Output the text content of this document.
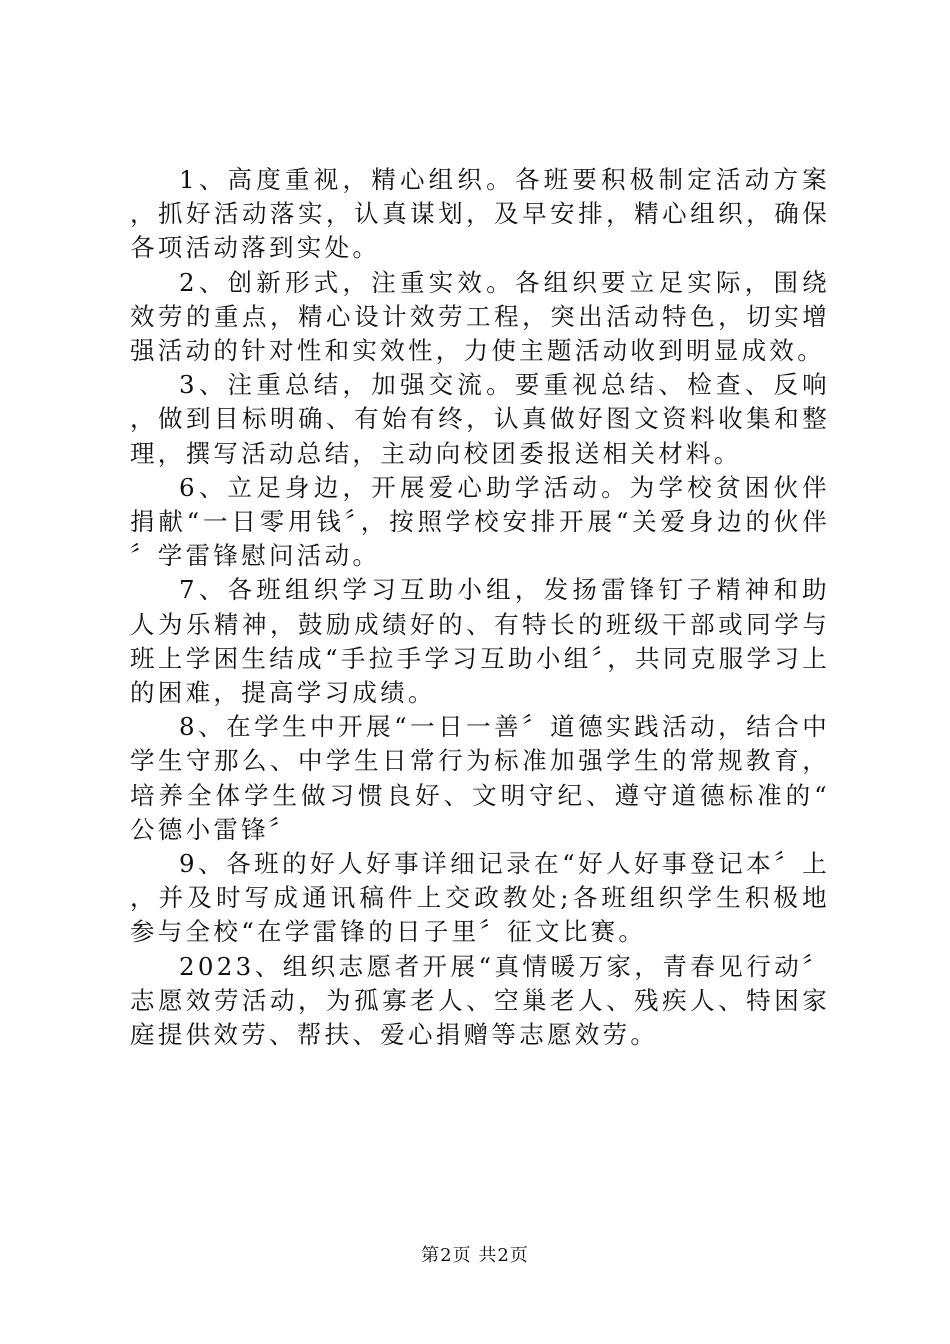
1、高度重视，精心组织。各班要积极制定活动方案，抓好活动落实，认真谋划，及早安排，精心组织，确保各项活动落到实处。

2、创新形式，注重实效。各组织要立足实际，围绕效劳的重点，精心设计效劳工程，突出活动特色，切实增强活动的针对性和实效性，力使主题活动收到明显成效。

3、注重总结，加强交流。要重视总结、检查、反响，做到目标明确、有始有终，认真做好图文资料收集和整理，撰写活动总结，主动向校团委报送相关材料。

6、立足身边，开展爱心助学活动。为学校贫困伙伴捐献“一日零用钱〞，按照学校安排开展“关爱身边的伙伴〞学雷锋慰问活动。

7、各班组织学习互助小组，发扬雷锋钉子精神和助人为乐精神，鼓励成绩好的、有特长的班级干部或同学与班上学困生结成“手拉手学习互助小组〞，共同克服学习上的困难，提高学习成绩。

8、在学生中开展“一日一善〞道德实践活动，结合中学生守那么、中学生日常行为标准加强学生的常规教育，培养全体学生做习惯良好、文明守纪、遵守道德标准的“公德小雷锋〞

9、各班的好人好事详细记录在“好人好事登记本〞上，并及时写成通讯稿件上交政教处;各班组织学生积极地参与全校“在学雷锋的日子里〞征文比赛。

2023、组织志愿者开展“真情暖万家，青春见行动〞志愿效劳活动，为孤寡老人、空巢老人、残疾人、特困家庭提供效劳、帮扶、爱心捐赠等志愿效劳。

第2页 共2页
